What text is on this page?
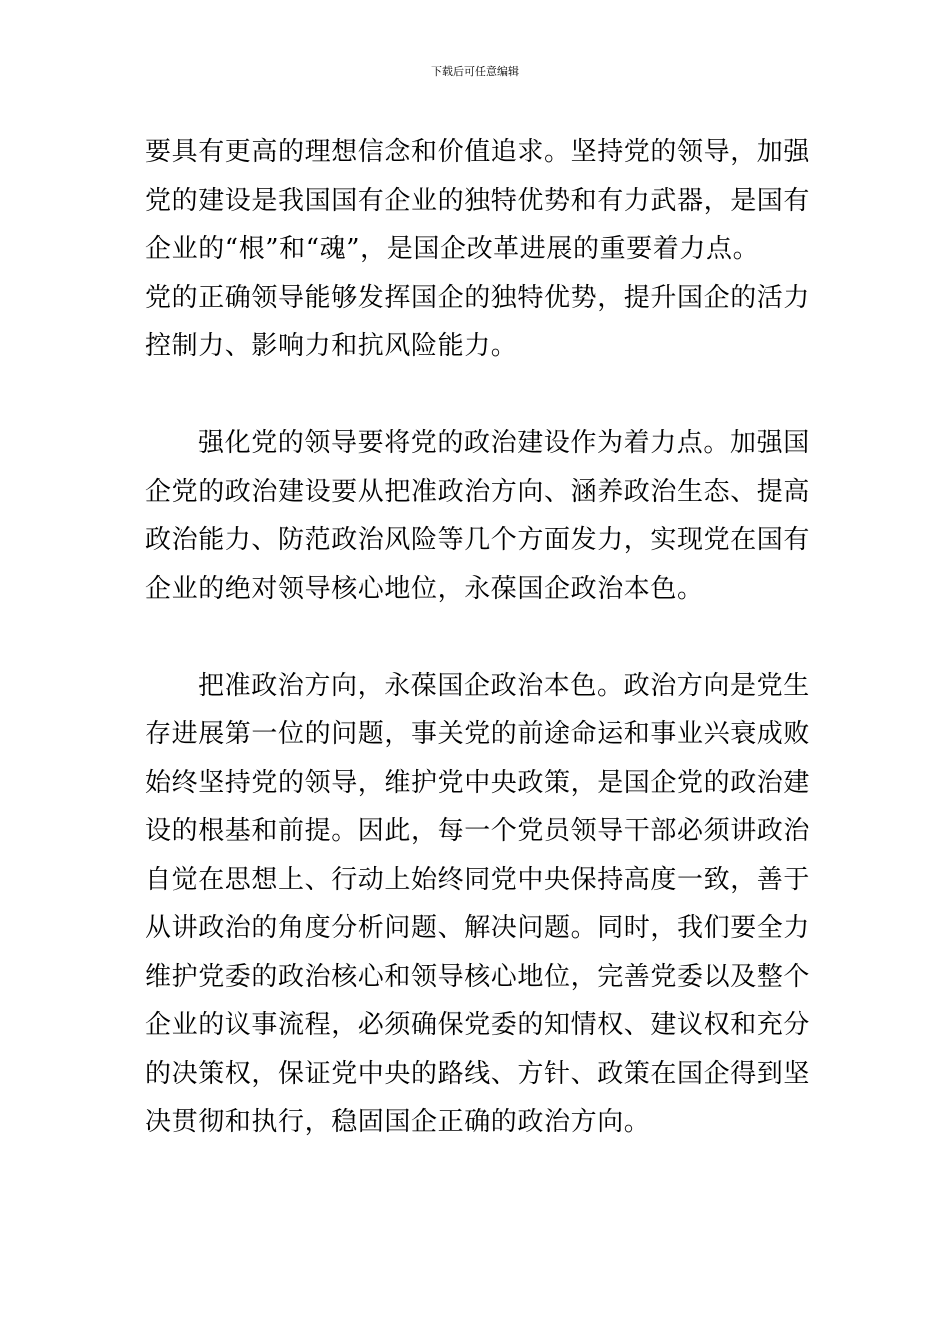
下载后可任意编辑
要具有更高的理想信念和价值追求。坚持党的领导，加强
党的建设是我国国有企业的独特优势和有力武器，是国有
企业的“根”和“魂”，是国企改革进展的重要着力点。
党的正确领导能够发挥国企的独特优势，提升国企的活力
控制力、影响力和抗风险能力。
强化党的领导要将党的政治建设作为着力点。加强国
企党的政治建设要从把准政治方向、涵养政治生态、提高
政治能力、防范政治风险等几个方面发力，实现党在国有
企业的绝对领导核心地位，永葆国企政治本色。
把准政治方向，永葆国企政治本色。政治方向是党生
存进展第一位的问题，事关党的前途命运和事业兴衰成败
始终坚持党的领导，维护党中央政策，是国企党的政治建
设的根基和前提。因此，每一个党员领导干部必须讲政治
自觉在思想上、行动上始终同党中央保持高度一致，善于
从讲政治的角度分析问题、解决问题。同时，我们要全力
维护党委的政治核心和领导核心地位，完善党委以及整个
企业的议事流程，必须确保党委的知情权、建议权和充分
的决策权，保证党中央的路线、方针、政策在国企得到坚
决贯彻和执行，稳固国企正确的政治方向。
